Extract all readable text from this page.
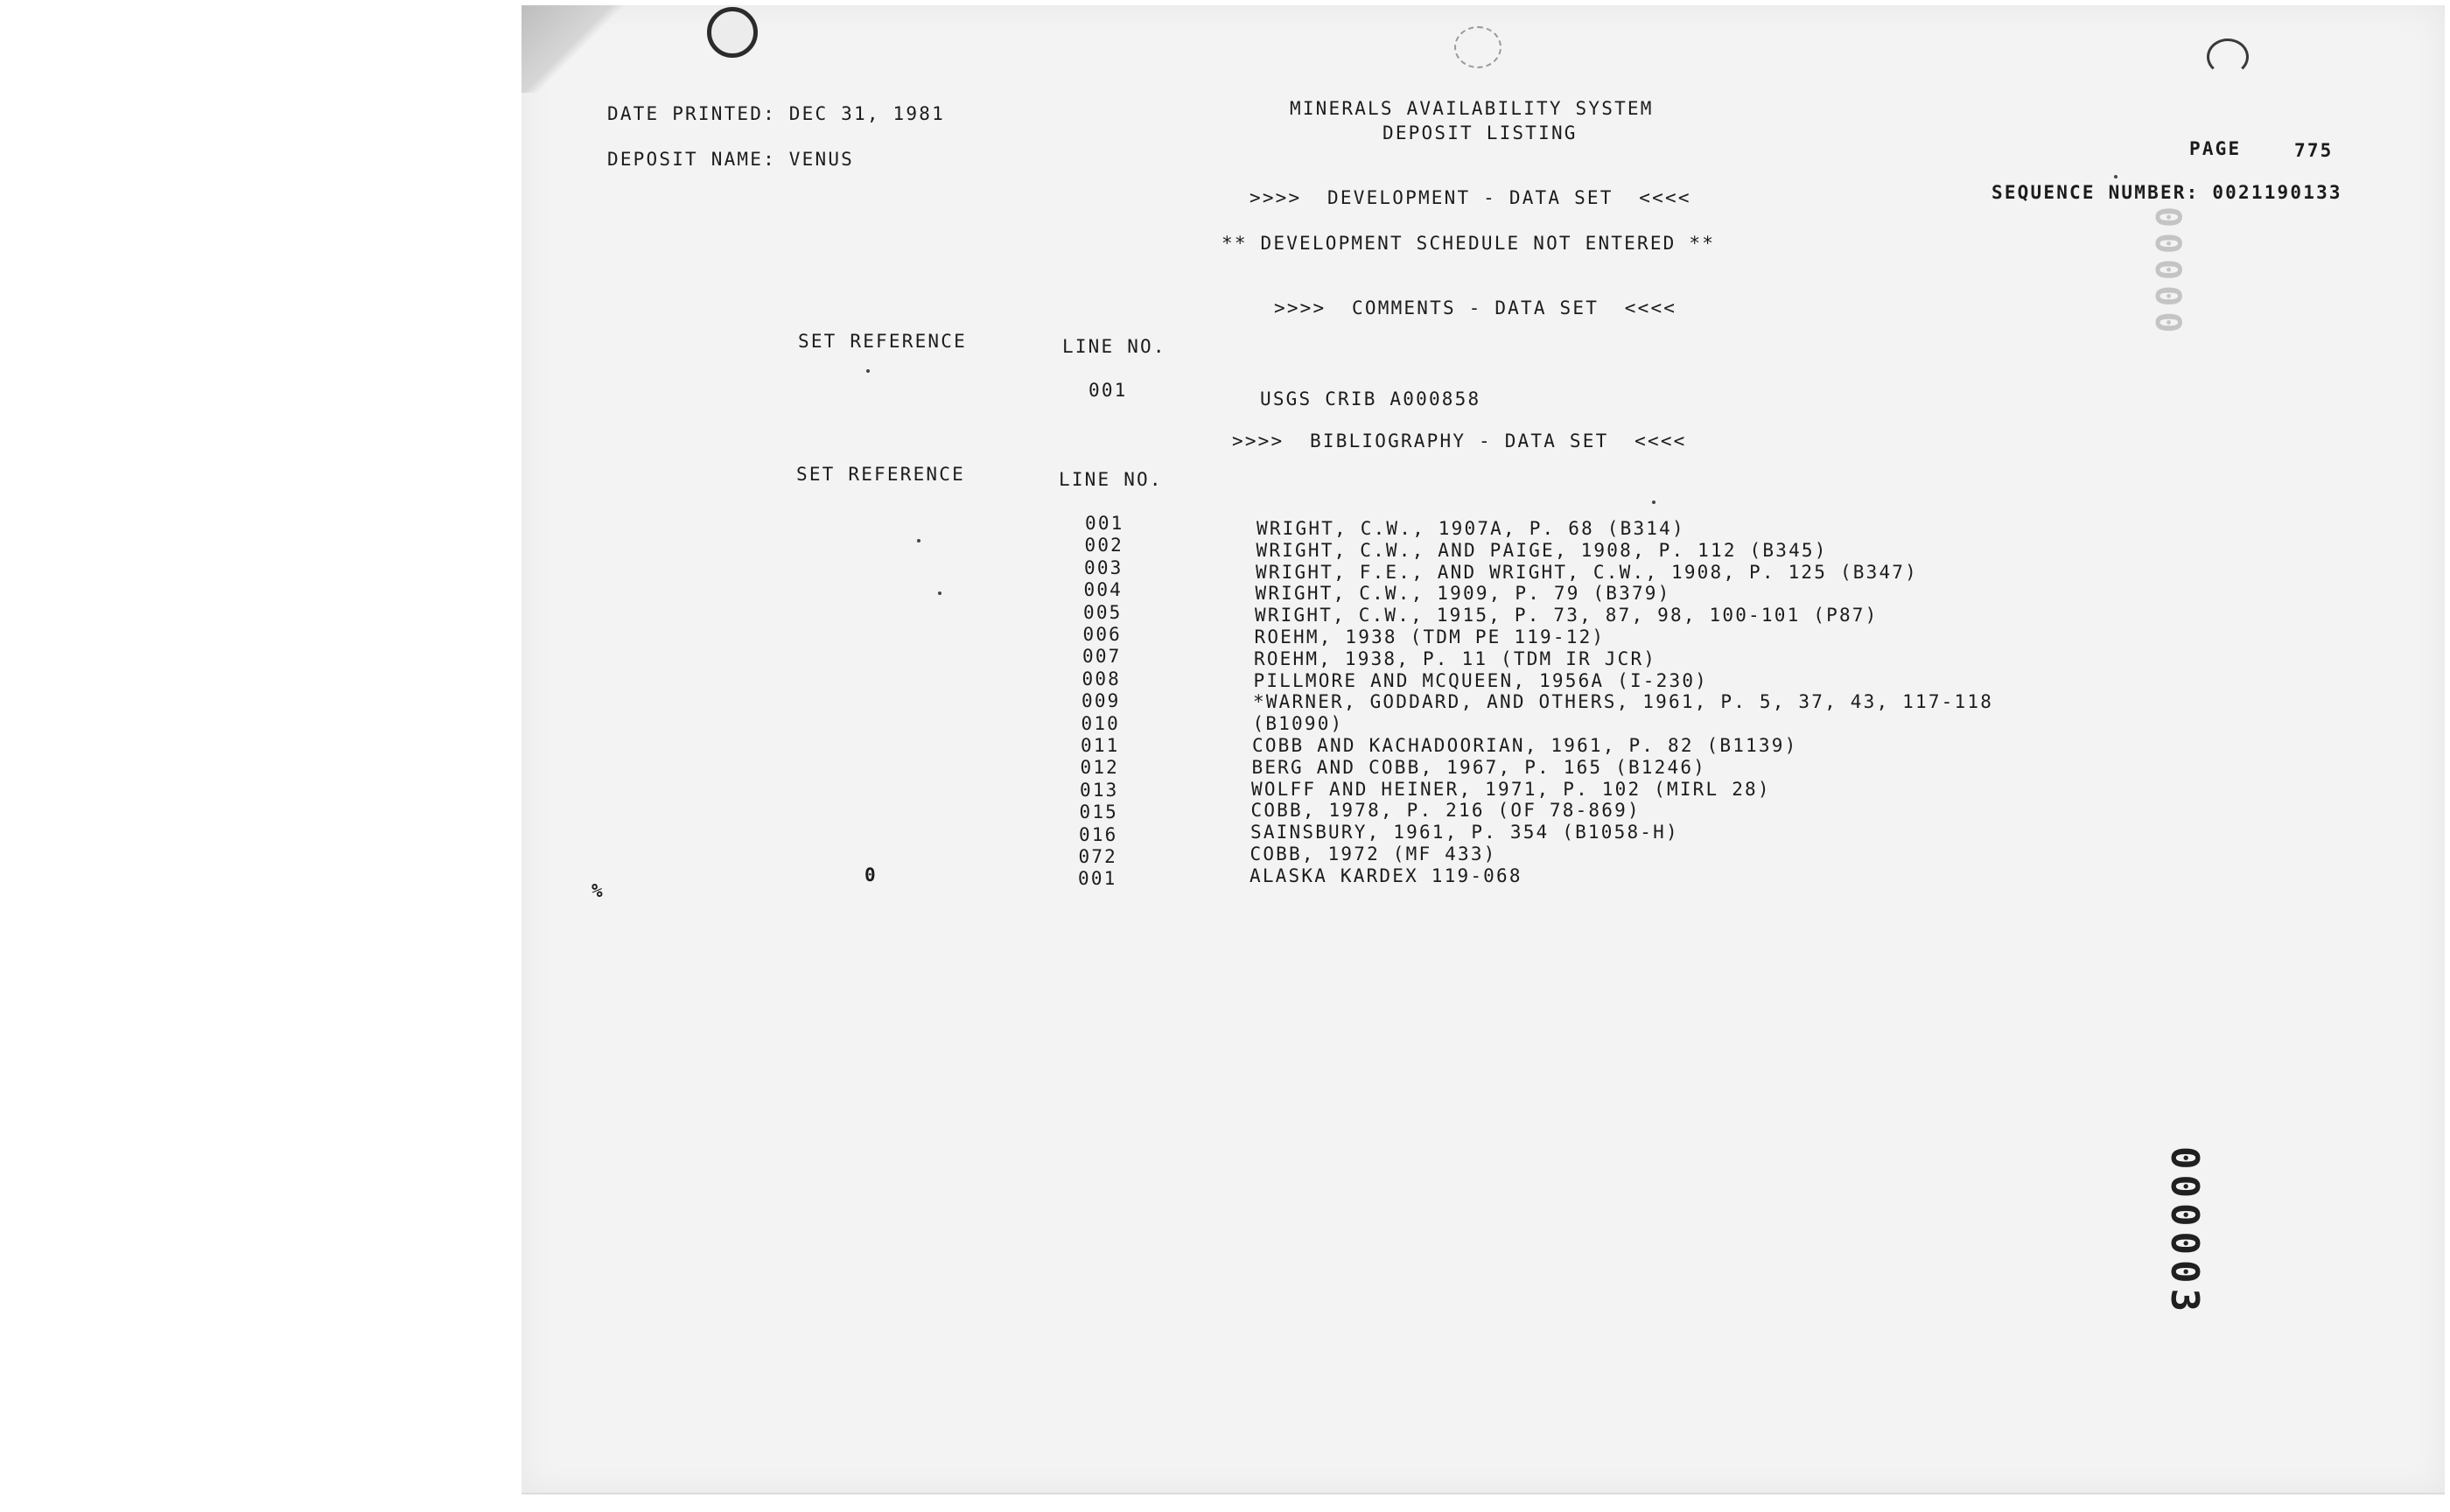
DATE PRINTED: DEC 31, 1981
DEPOSIT NAME: VENUS
MINERALS AVAILABILITY SYSTEM
DEPOSIT LISTING
PAGE	775
SEQUENCE NUMBER: 0021190133
>>>>  DEVELOPMENT - DATA SET  <<<<
** DEVELOPMENT SCHEDULE NOT ENTERED **
>>>>  COMMENTS - DATA SET  <<<<
SET REFERENCE	LINE NO.
001	USGS CRIB A000858
>>>>  BIBLIOGRAPHY - DATA SET  <<<<
SET REFERENCE	LINE NO.
001	WRIGHT, C.W., 1907A, P. 68 (B314)
002	WRIGHT, C.W., AND PAIGE, 1908, P. 112 (B345)
003	WRIGHT, F.E., AND WRIGHT, C.W., 1908, P. 125 (B347)
004	WRIGHT, C.W., 1909, P. 79 (B379)
005	WRIGHT, C.W., 1915, P. 73, 87, 98, 100-101 (P87)
006	ROEHM, 1938 (TDM PE 119-12)
007	ROEHM, 1938, P. 11 (TDM IR JCR)
008	PILLMORE AND MCQUEEN, 1956A (I-230)
009	*WARNER, GODDARD, AND OTHERS, 1961, P. 5, 37, 43, 117-118
010	(B1090)
011	COBB AND KACHADOORIAN, 1961, P. 82 (B1139)
012	BERG AND COBB, 1967, P. 165 (B1246)
013	WOLFF AND HEINER, 1971, P. 102 (MIRL 28)
015	COBB, 1978, P. 216 (OF 78-869)
016	SAINSBURY, 1961, P. 354 (B1058-H)
072	COBB, 1972 (MF 433)
001	ALASKA KARDEX 119-068
%
0
00000
000003
